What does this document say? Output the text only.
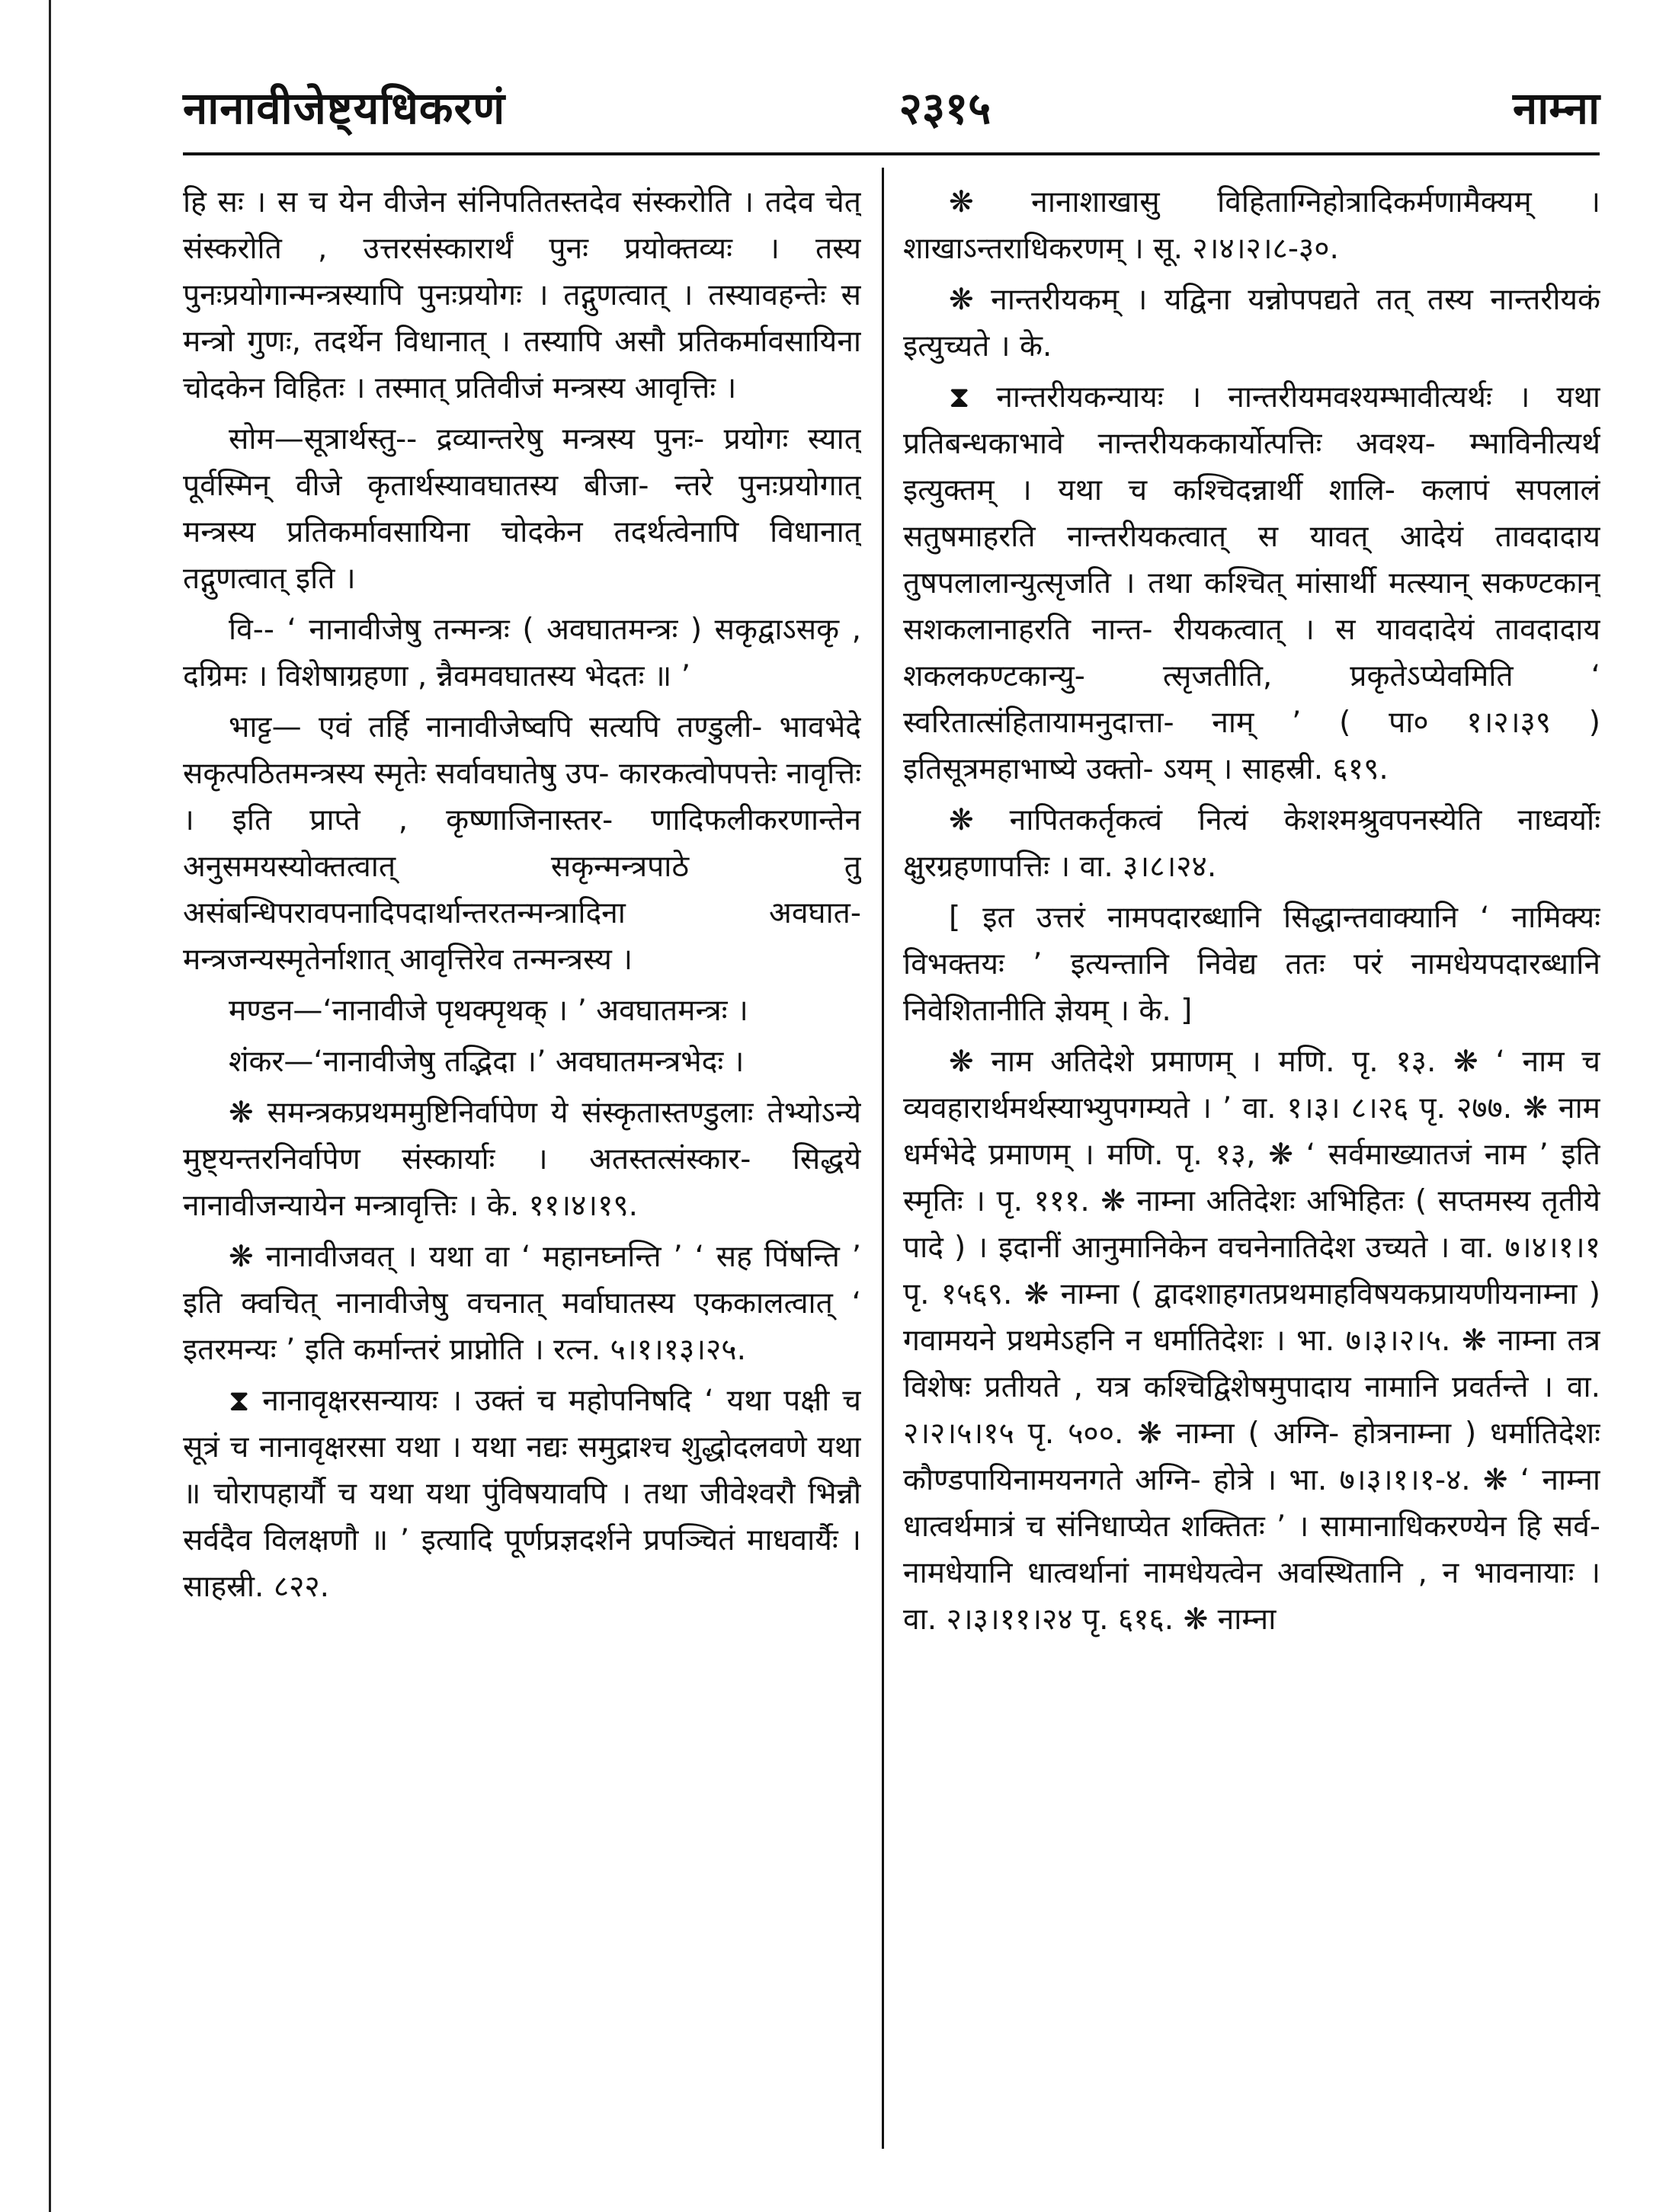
नानावीजेष्ट्यधिकरणं	२३१५	नाम्ना

हि सः । स च येन वीजेन संनिपतितस्तदेव संस्करोति । तदेव चेत् संस्करोति , उत्तरसंस्कारार्थं पुनः प्रयोक्तव्यः । तस्य पुनःप्रयोगान्मन्त्रस्यापि पुनःप्रयोगः । तद्गुणत्वात् । तस्यावहन्तेः स मन्त्रो गुणः, तदर्थेन विधानात् । तस्यापि असौ प्रतिकर्मावसायिना चोदकेन विहितः । तस्मात् प्रतिवीजं मन्त्रस्य आवृत्तिः ।

सोम—सूत्रार्थस्तु-- द्रव्यान्तरेषु मन्त्रस्य पुनः- प्रयोगः स्यात् पूर्वस्मिन् वीजे कृतार्थस्यावघातस्य बीजा- न्तरे पुनःप्रयोगात् मन्त्रस्य प्रतिकर्मावसायिना चोदकेन तदर्थत्वेनापि विधानात् तद्गुणत्वात् इति ।

वि-- ‘ नानावीजेषु तन्मन्त्रः ( अवघातमन्त्रः ) सकृद्वाऽसकृ , दग्रिमः । विशेषाग्रहणा , न्नैवमवघातस्य भेदतः ॥ ’

भाट्ट— एवं तर्हि नानावीजेष्वपि सत्यपि तण्डुली- भावभेदे सकृत्पठितमन्त्रस्य स्मृतेः सर्वावघातेषु उप- कारकत्वोपपत्तेः नावृत्तिः । इति प्राप्ते , कृष्णाजिनास्तर- णादिफलीकरणान्तेन अनुसमयस्योक्तत्वात् सकृन्मन्त्रपाठे तु असंबन्धिपरावपनादिपदार्थान्तरतन्मन्त्रादिना अवघात- मन्त्रजन्यस्मृतेर्नाशात् आवृत्तिरेव तन्मन्त्रस्य ।

मण्डन—‘नानावीजे पृथक्पृथक् । ’ अवघातमन्त्रः ।

शंकर—‘नानावीजेषु तद्भिदा ।’ अवघातमन्त्रभेदः ।

❋ समन्त्रकप्रथममुष्टिनिर्वापेण ये संस्कृतास्तण्डुलाः तेभ्योऽन्ये मुष्ट्यन्तरनिर्वापेण संस्कार्याः । अतस्तत्संस्कार- सिद्धये नानावीजन्यायेन मन्त्रावृत्तिः । के. ११।४।१९.

❋ नानावीजवत् । यथा वा ‘ महानघ्नन्ति ’ ‘ सह पिंषन्ति ’ इति क्वचित् नानावीजेषु वचनात् मर्वाघातस्य एककालत्वात् ‘ इतरमन्यः ’ इति कर्मान्तरं प्राप्नोति । रत्न. ५।१।१३।२५.

⧗ नानावृक्षरसन्यायः । उक्तं च महोपनिषदि ‘ यथा पक्षी च सूत्रं च नानावृक्षरसा यथा । यथा नद्यः समुद्राश्च शुद्धोदलवणे यथा ॥ चोरापहार्यौ च यथा यथा पुंविषयावपि । तथा जीवेश्वरौ भिन्नौ सर्वदैव विलक्षणौ ॥ ’ इत्यादि पूर्णप्रज्ञदर्शने प्रपञ्चितं माधवार्यैः । साहस्री. ८२२.

❋ नानाशाखासु विहिताग्निहोत्रादिकर्मणामैक्यम् । शाखाऽन्तराधिकरणम् । सू. २।४।२।८-३०.

❋ नान्तरीयकम् । यद्विना यन्नोपपद्यते तत् तस्य नान्तरीयकं इत्युच्यते । के.

⧗ नान्तरीयकन्यायः । नान्तरीयमवश्यम्भावीत्यर्थः । यथा प्रतिबन्धकाभावे नान्तरीयककार्योत्पत्तिः अवश्य- म्भाविनीत्यर्थ इत्युक्तम् । यथा च कश्चिदन्नार्थी शालि- कलापं सपलालं सतुषमाहरति नान्तरीयकत्वात् स यावत् आदेयं तावदादाय तुषपलालान्युत्सृजति । तथा कश्चित् मांसार्थी मत्स्यान् सकण्टकान् सशकलानाहरति नान्त- रीयकत्वात् । स यावदादेयं तावदादाय शकलकण्टकान्यु- त्सृजतीति, प्रकृतेऽप्येवमिति ‘ स्वरितात्संहितायामनुदात्ता- नाम् ’ ( पा० १।२।३९ ) इतिसूत्रमहाभाष्ये उक्तो- ऽयम् । साहस्री. ६१९.

❋ नापितकर्तृकत्वं नित्यं केशश्मश्रुवपनस्येति नाध्वर्योः क्षुरग्रहणापत्तिः । वा. ३।८।२४.

[ इत उत्तरं नामपदारब्धानि सिद्धान्तवाक्यानि ‘ नामिक्यः विभक्तयः ’ इत्यन्तानि निवेद्य ततः परं नामधेयपदारब्धानि निवेशितानीति ज्ञेयम् । के. ]

❋ नाम अतिदेशे प्रमाणम् । मणि. पृ. १३. ❋ ‘ नाम च व्यवहारार्थमर्थस्याभ्युपगम्यते । ’ वा. १।३। ८।२६ पृ. २७७. ❋ नाम धर्मभेदे प्रमाणम् । मणि. पृ. १३, ❋ ‘ सर्वमाख्यातजं नाम ’ इति स्मृतिः । पृ. १११. ❋ नाम्ना अतिदेशः अभिहितः ( सप्तमस्य तृतीये पादे ) । इदानीं आनुमानिकेन वचनेनातिदेश उच्यते । वा. ७।४।१।१ पृ. १५६९. ❋ नाम्ना ( द्वादशाहगतप्रथमाहविषयकप्रायणीयनाम्ना ) गवामयने प्रथमेऽहनि न धर्मातिदेशः । भा. ७।३।२।५. ❋ नाम्ना तत्र विशेषः प्रतीयते , यत्र कश्चिद्विशेषमुपादाय नामानि प्रवर्तन्ते । वा. २।२।५।१५ पृ. ५००. ❋ नाम्ना ( अग्नि- होत्रनाम्ना ) धर्मातिदेशः कौण्डपायिनामयनगते अग्नि- होत्रे । भा. ७।३।१।१-४. ❋ ‘ नाम्ना धात्वर्थमात्रं च संनिधाप्येत शक्तितः ’ । सामानाधिकरण्येन हि सर्व- नामधेयानि धात्वर्थानां नामधेयत्वेन अवस्थितानि , न भावनायाः । वा. २।३।११।२४ पृ. ६१६. ❋ नाम्ना
